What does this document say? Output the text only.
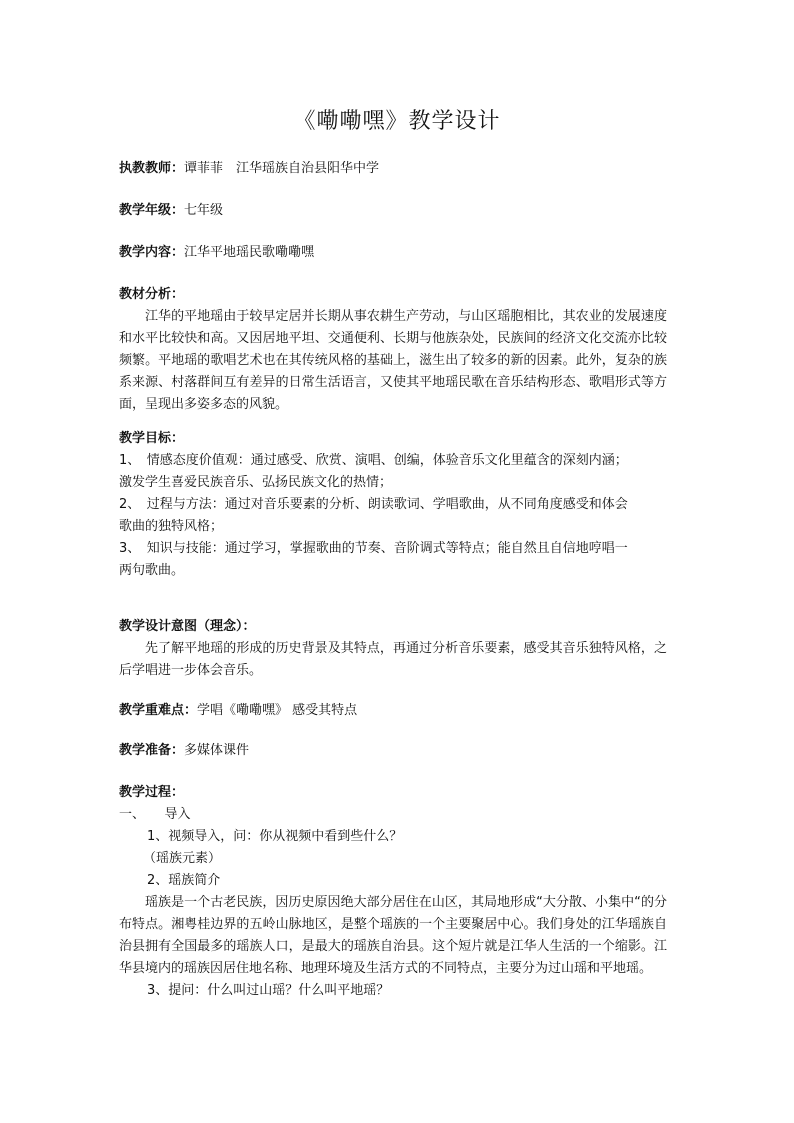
《嘞嘞嘿》教学设计
执教教师：谭菲菲　江华瑶族自治县阳华中学
教学年级：七年级
教学内容：江华平地瑶民歌嘞嘞嘿
教材分析：
江华的平地瑶由于较早定居并长期从事农耕生产劳动，与山区瑶胞相比，其农业的发展速度和水平比较快和高。又因居地平坦、交通便利、长期与他族杂处，民族间的经济文化交流亦比较频繁。平地瑶的歌唱艺术也在其传统风格的基础上，滋生出了较多的新的因素。此外，复杂的族系来源、村落群间互有差异的日常生活语言，又使其平地瑶民歌在音乐结构形态、歌唱形式等方面，呈现出多姿多态的风貌。
教学目标：
1、　情感态度价值观：通过感受、欣赏、演唱、创编，体验音乐文化里蕴含的深刻内涵；
激发学生喜爱民族音乐、弘扬民族文化的热情；
2、　过程与方法：通过对音乐要素的分析、朗读歌词、学唱歌曲，从不同角度感受和体会
歌曲的独特风格；
3、　知识与技能：通过学习，掌握歌曲的节奏、音阶调式等特点；能自然且自信地哼唱一
两句歌曲。
教学设计意图（理念）：
先了解平地瑶的形成的历史背景及其特点，再通过分析音乐要素，感受其音乐独特风格，之后学唱进一步体会音乐。
教学重难点：学唱《嘞嘞嘿》 感受其特点
教学准备：多媒体课件
教学过程：
一、　　导入
1、视频导入，问：你从视频中看到些什么？
（瑶族元素）
2、瑶族简介
瑶族是一个古老民族，因历史原因绝大部分居住在山区，其局地形成“大分散、小集中“的分布特点。湘粤桂边界的五岭山脉地区，是整个瑶族的一个主要聚居中心。我们身处的江华瑶族自治县拥有全国最多的瑶族人口，是最大的瑶族自治县。这个短片就是江华人生活的一个缩影。江华县境内的瑶族因居住地名称、地理环境及生活方式的不同特点，主要分为过山瑶和平地瑶。
3、提问：什么叫过山瑶？什么叫平地瑶？
